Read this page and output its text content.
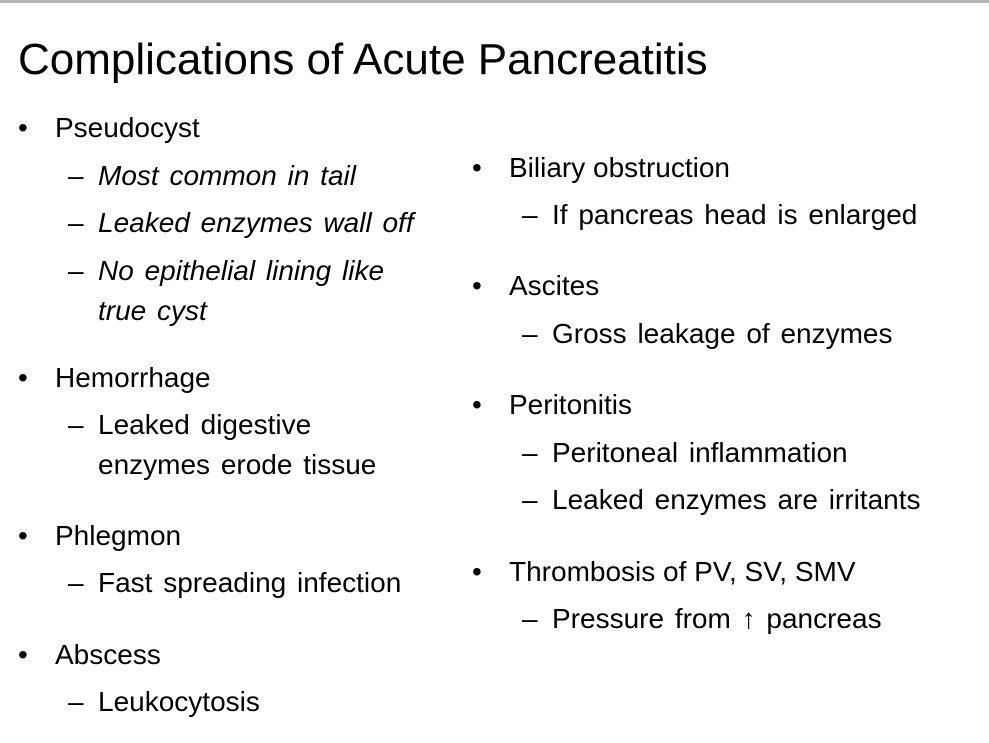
Complications of Acute Pancreatitis
• Pseudocyst
– Most common in tail
– Leaked enzymes wall off
– No epithelial lining like
true cyst
• Hemorrhage
– Leaked digestive
enzymes erode tissue
• Phlegmon
– Fast spreading infection
• Abscess
– Leukocytosis
• Biliary obstruction
– If pancreas head is enlarged
• Ascites
– Gross leakage of enzymes
• Peritonitis
– Peritoneal inflammation
– Leaked enzymes are irritants
• Thrombosis of PV, SV, SMV
– Pressure from ↑ pancreas
